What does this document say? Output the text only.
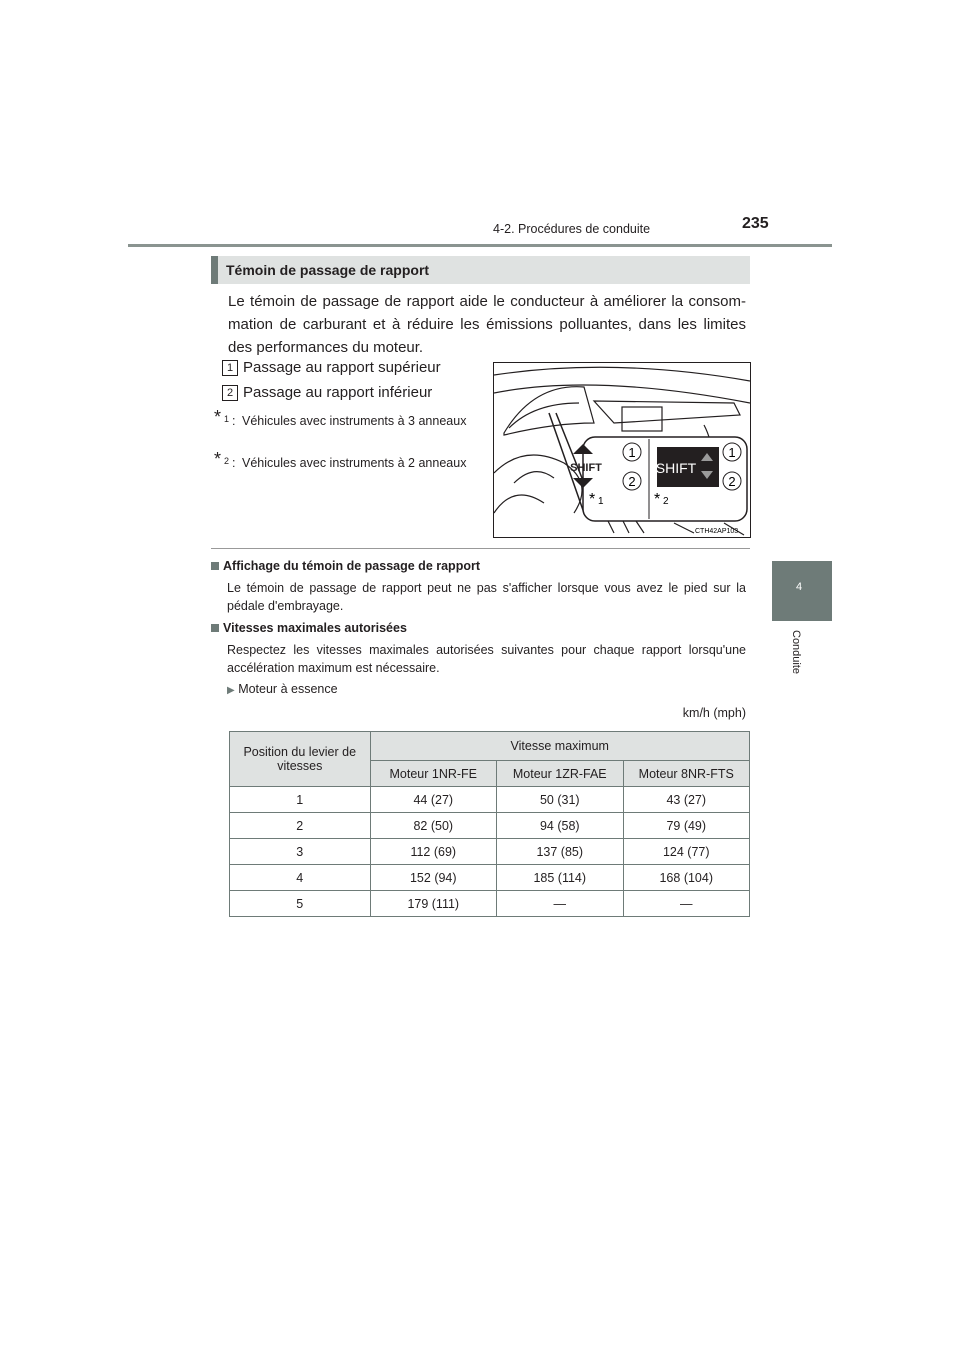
4-2. Procédures de conduite	235
4
Conduite
Témoin de passage de rapport
Le témoin de passage de rapport aide le conducteur à améliorer la consom- mation de carburant et à réduire les émissions polluantes, dans les limites des performances du moteur.
1 Passage au rapport supérieur
2 Passage au rapport inférieur
* 1 : Véhicules avec instruments à 3 anneaux
* 2 : Véhicules avec instruments à 2 anneaux	SHIFT
1
2
SHIFT
1
2
* 1	* 2
CTH42AP103
Affichage du témoin de passage de rapport
Le témoin de passage de rapport peut ne pas s'afficher lorsque vous avez le pied sur la pédale d'embrayage.
Vitesses maximales autorisées
Respectez les vitesses maximales autorisées suivantes pour chaque rapport lorsqu'une accélération maximum est nécessaire.
▶ Moteur à essence
km/h (mph)
Position du levier de vitesses	Vitesse maximum		
	Moteur 1NR-FE	Moteur 1ZR-FAE	Moteur 8NR-FTS
1	44 (27)	50 (31)	43 (27)
2	82 (50)	94 (58)	79 (49)
3	112 (69)	137 (85)	124 (77)
4	152 (94)	185 (114)	168 (104)
5	179 (111)	—	—
